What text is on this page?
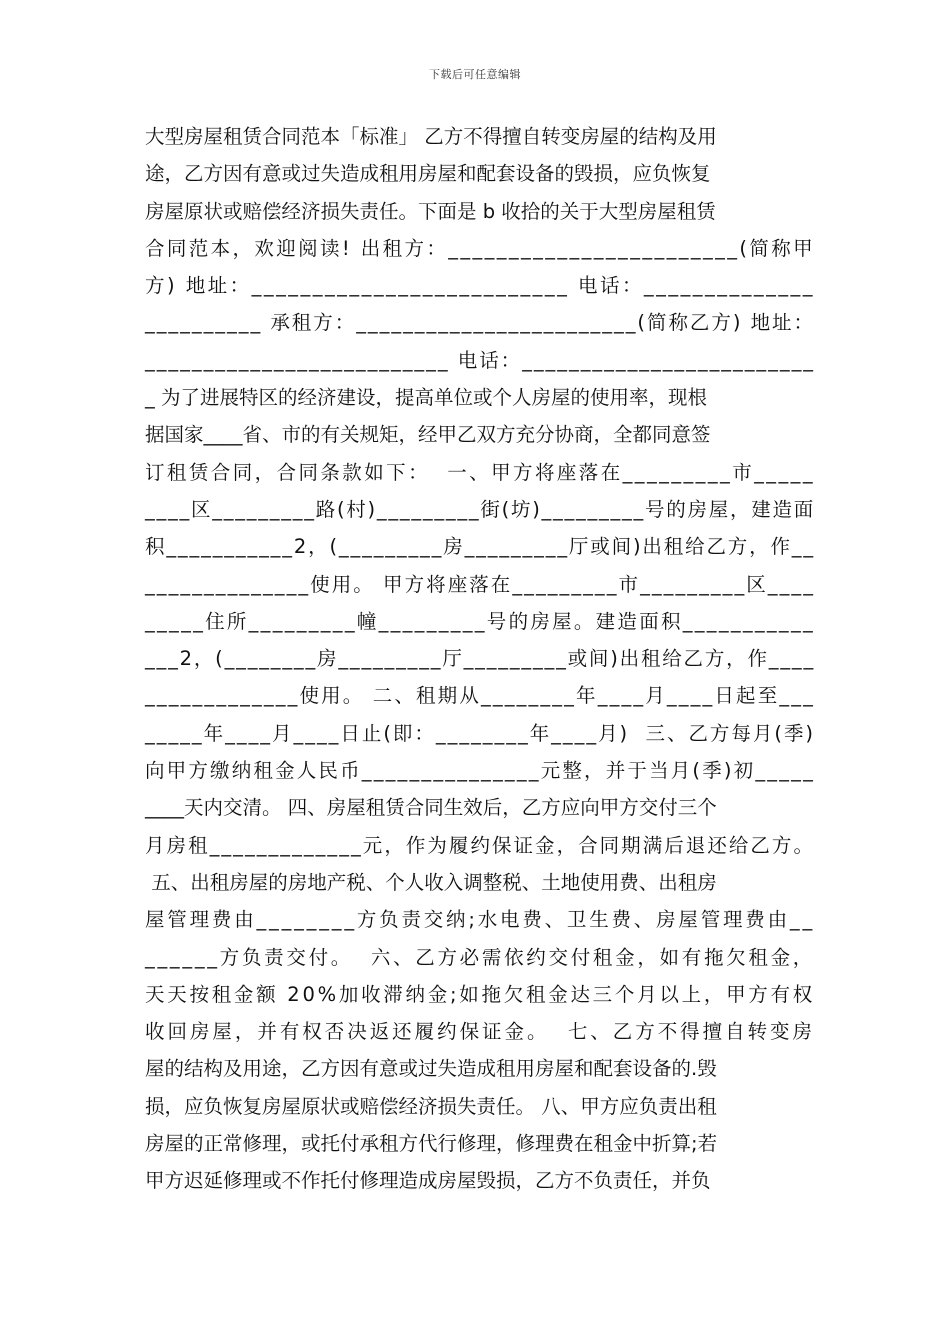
下载后可任意编辑
大型房屋租赁合同范本「标准」 乙方不得擅自转变房屋的结构及用
途，乙方因有意或过失造成租用房屋和配套设备的毁损，应负恢复
房屋原状或赔偿经济损失责任。下面是 b 收拾的关于大型房屋租赁
合同范本，欢迎阅读! 出租方：________________________(简称甲
方) 地址：__________________________ 电话：______________
__________ 承租方：________________________(简称乙方) 地址：
__________________________ 电话：_________________________
_ 为了进展特区的经济建设，提高单位或个人房屋的使用率，现根
据国家____省、市的有关规矩，经甲乙双方充分协商，全都同意签
订租赁合同，合同条款如下：  一、甲方将座落在_________市_____
____区_________路(村)_________街(坊)_________号的房屋，建造面
积___________2，(_________房_________厅或间)出租给乙方，作__
______________使用。 甲方将座落在_________市_________区____
_____住所_________幢_________号的房屋。建造面积___________
___2，(________房_________厅_________或间)出租给乙方，作____
_____________使用。 二、租期从________年____月____日起至___
_____年____月____日止(即：________年____月)  三、乙方每月(季)
向甲方缴纳租金人民币_______________元整，并于当月(季)初_____
____天内交清。 四、房屋租赁合同生效后，乙方应向甲方交付三个
月房租_____________元，作为履约保证金，合同期满后退还给乙方。
五、出租房屋的房地产税、个人收入调整税、土地使用费、出租房
屋管理费由________方负责交纳;水电费、卫生费、房屋管理费由__
______方负责交付。  六、乙方必需依约交付租金，如有拖欠租金，
天天按租金额 20%加收滞纳金;如拖欠租金达三个月以上，甲方有权
收回房屋，并有权否决返还履约保证金。  七、乙方不得擅自转变房
屋的结构及用途，乙方因有意或过失造成租用房屋和配套设备的.毁
损，应负恢复房屋原状或赔偿经济损失责任。 八、甲方应负责出租
房屋的正常修理，或托付承租方代行修理，修理费在租金中折算;若
甲方迟延修理或不作托付修理造成房屋毁损，乙方不负责任，并负
